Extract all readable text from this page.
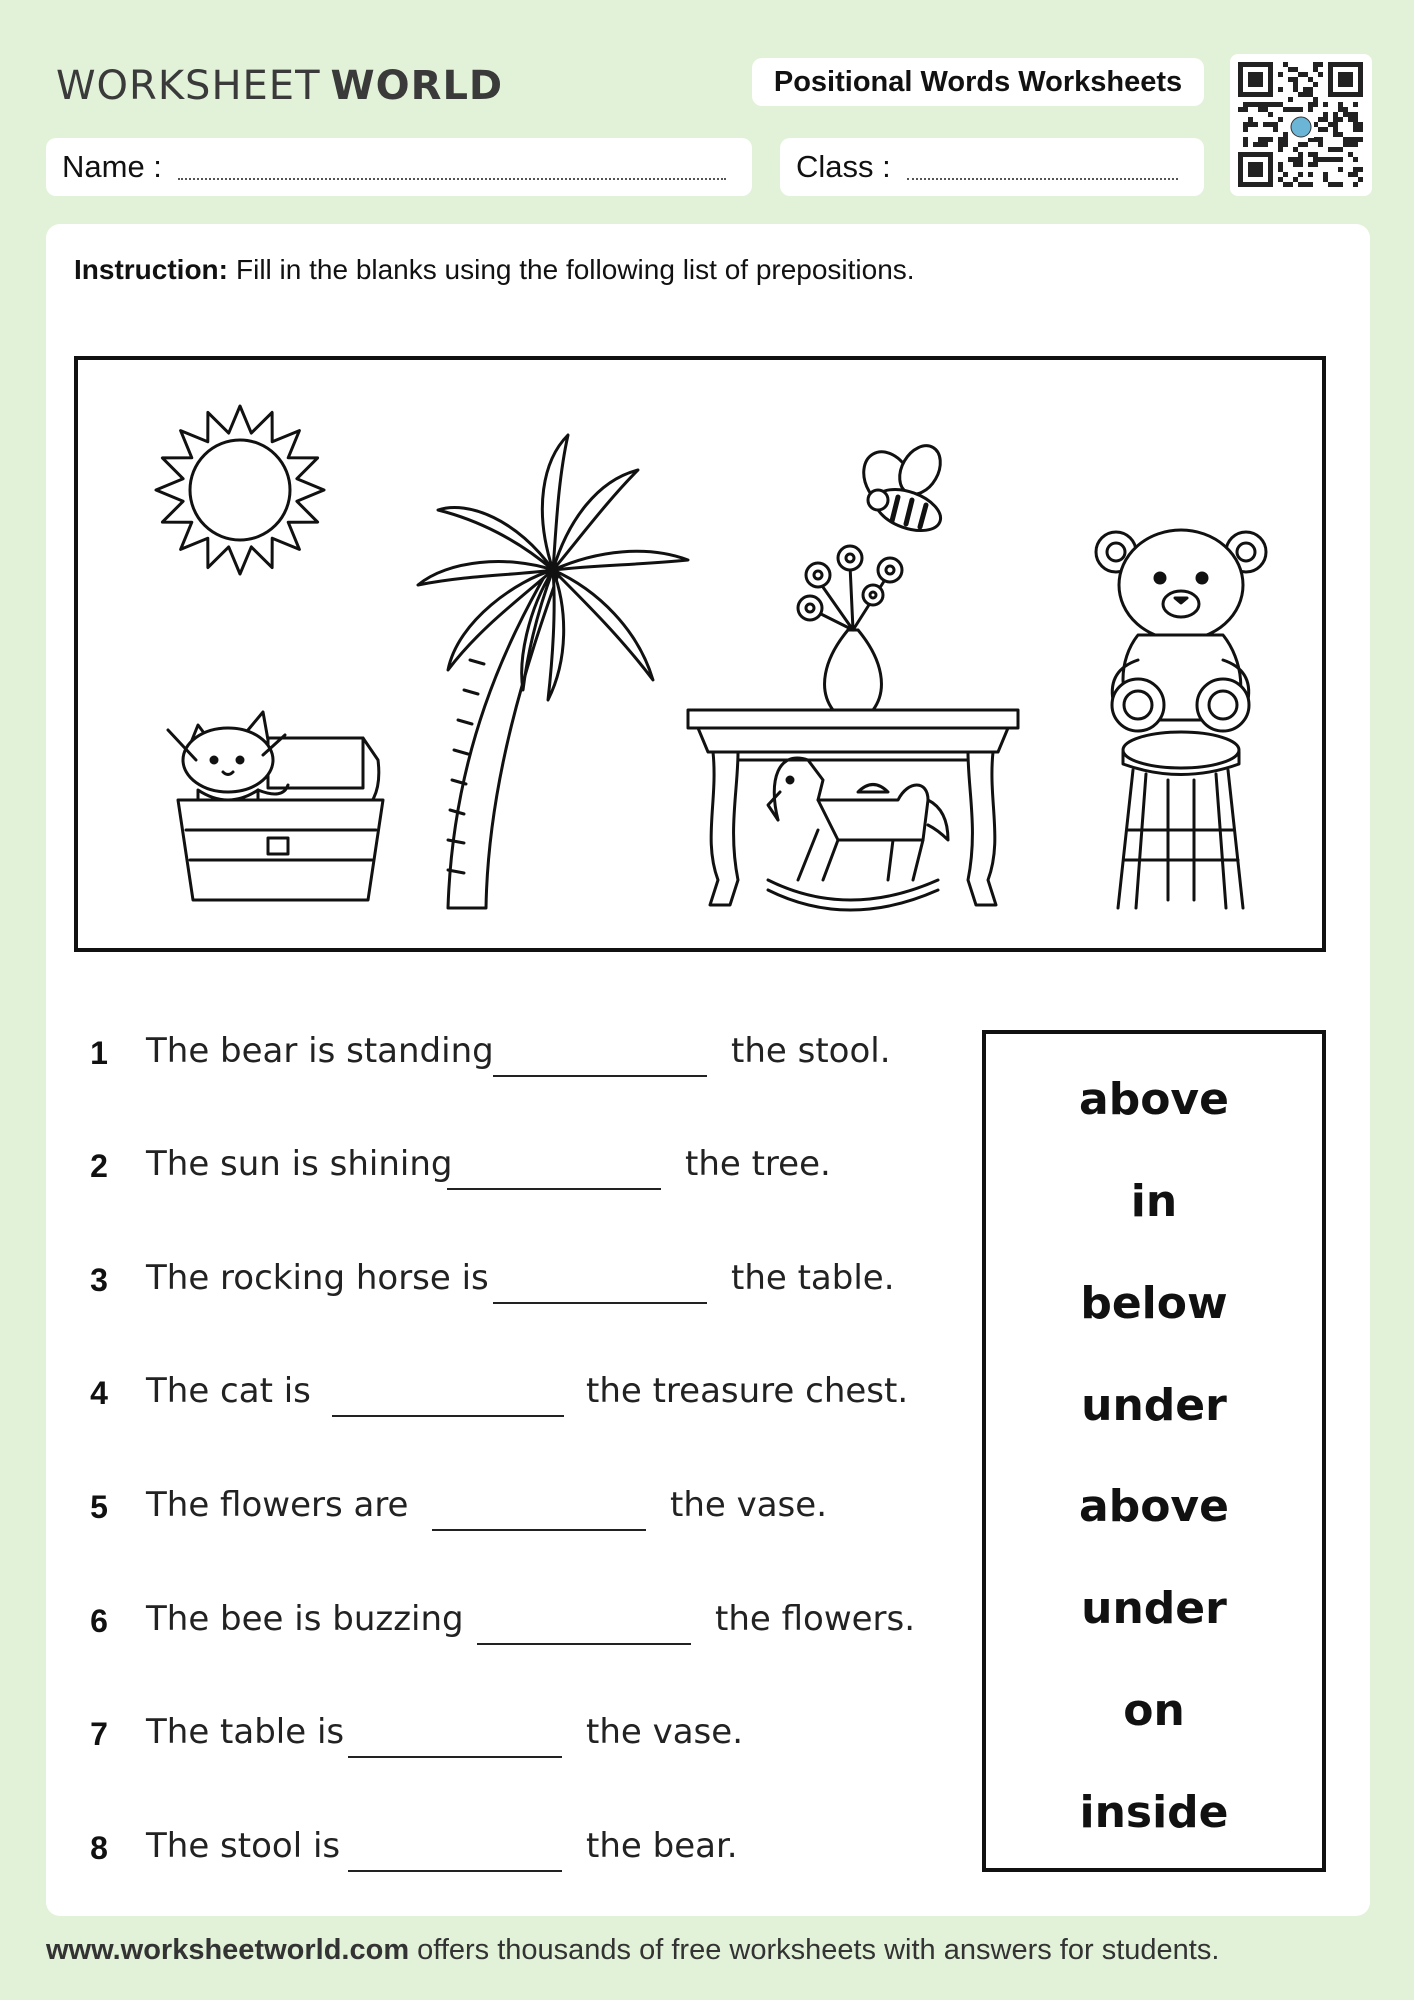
WORKSHEET WORLD	Positional Words Worksheets
Name :	Class :
Instruction: Fill in the blanks using the following list of prepositions.
1 The bear is standing	the stool.
2 The sun is shining	the tree.
3 The rocking horse is	the table.
4 The cat is	the treasure chest.
5 The flowers are	the vase.
6 The bee is buzzing	the flowers.
7 The table is	the vase.
8 The stool is	the bear.
above
in
below
under
above
under
on
inside
www.worksheetworld.com offers thousands of free worksheets with answers for students.
